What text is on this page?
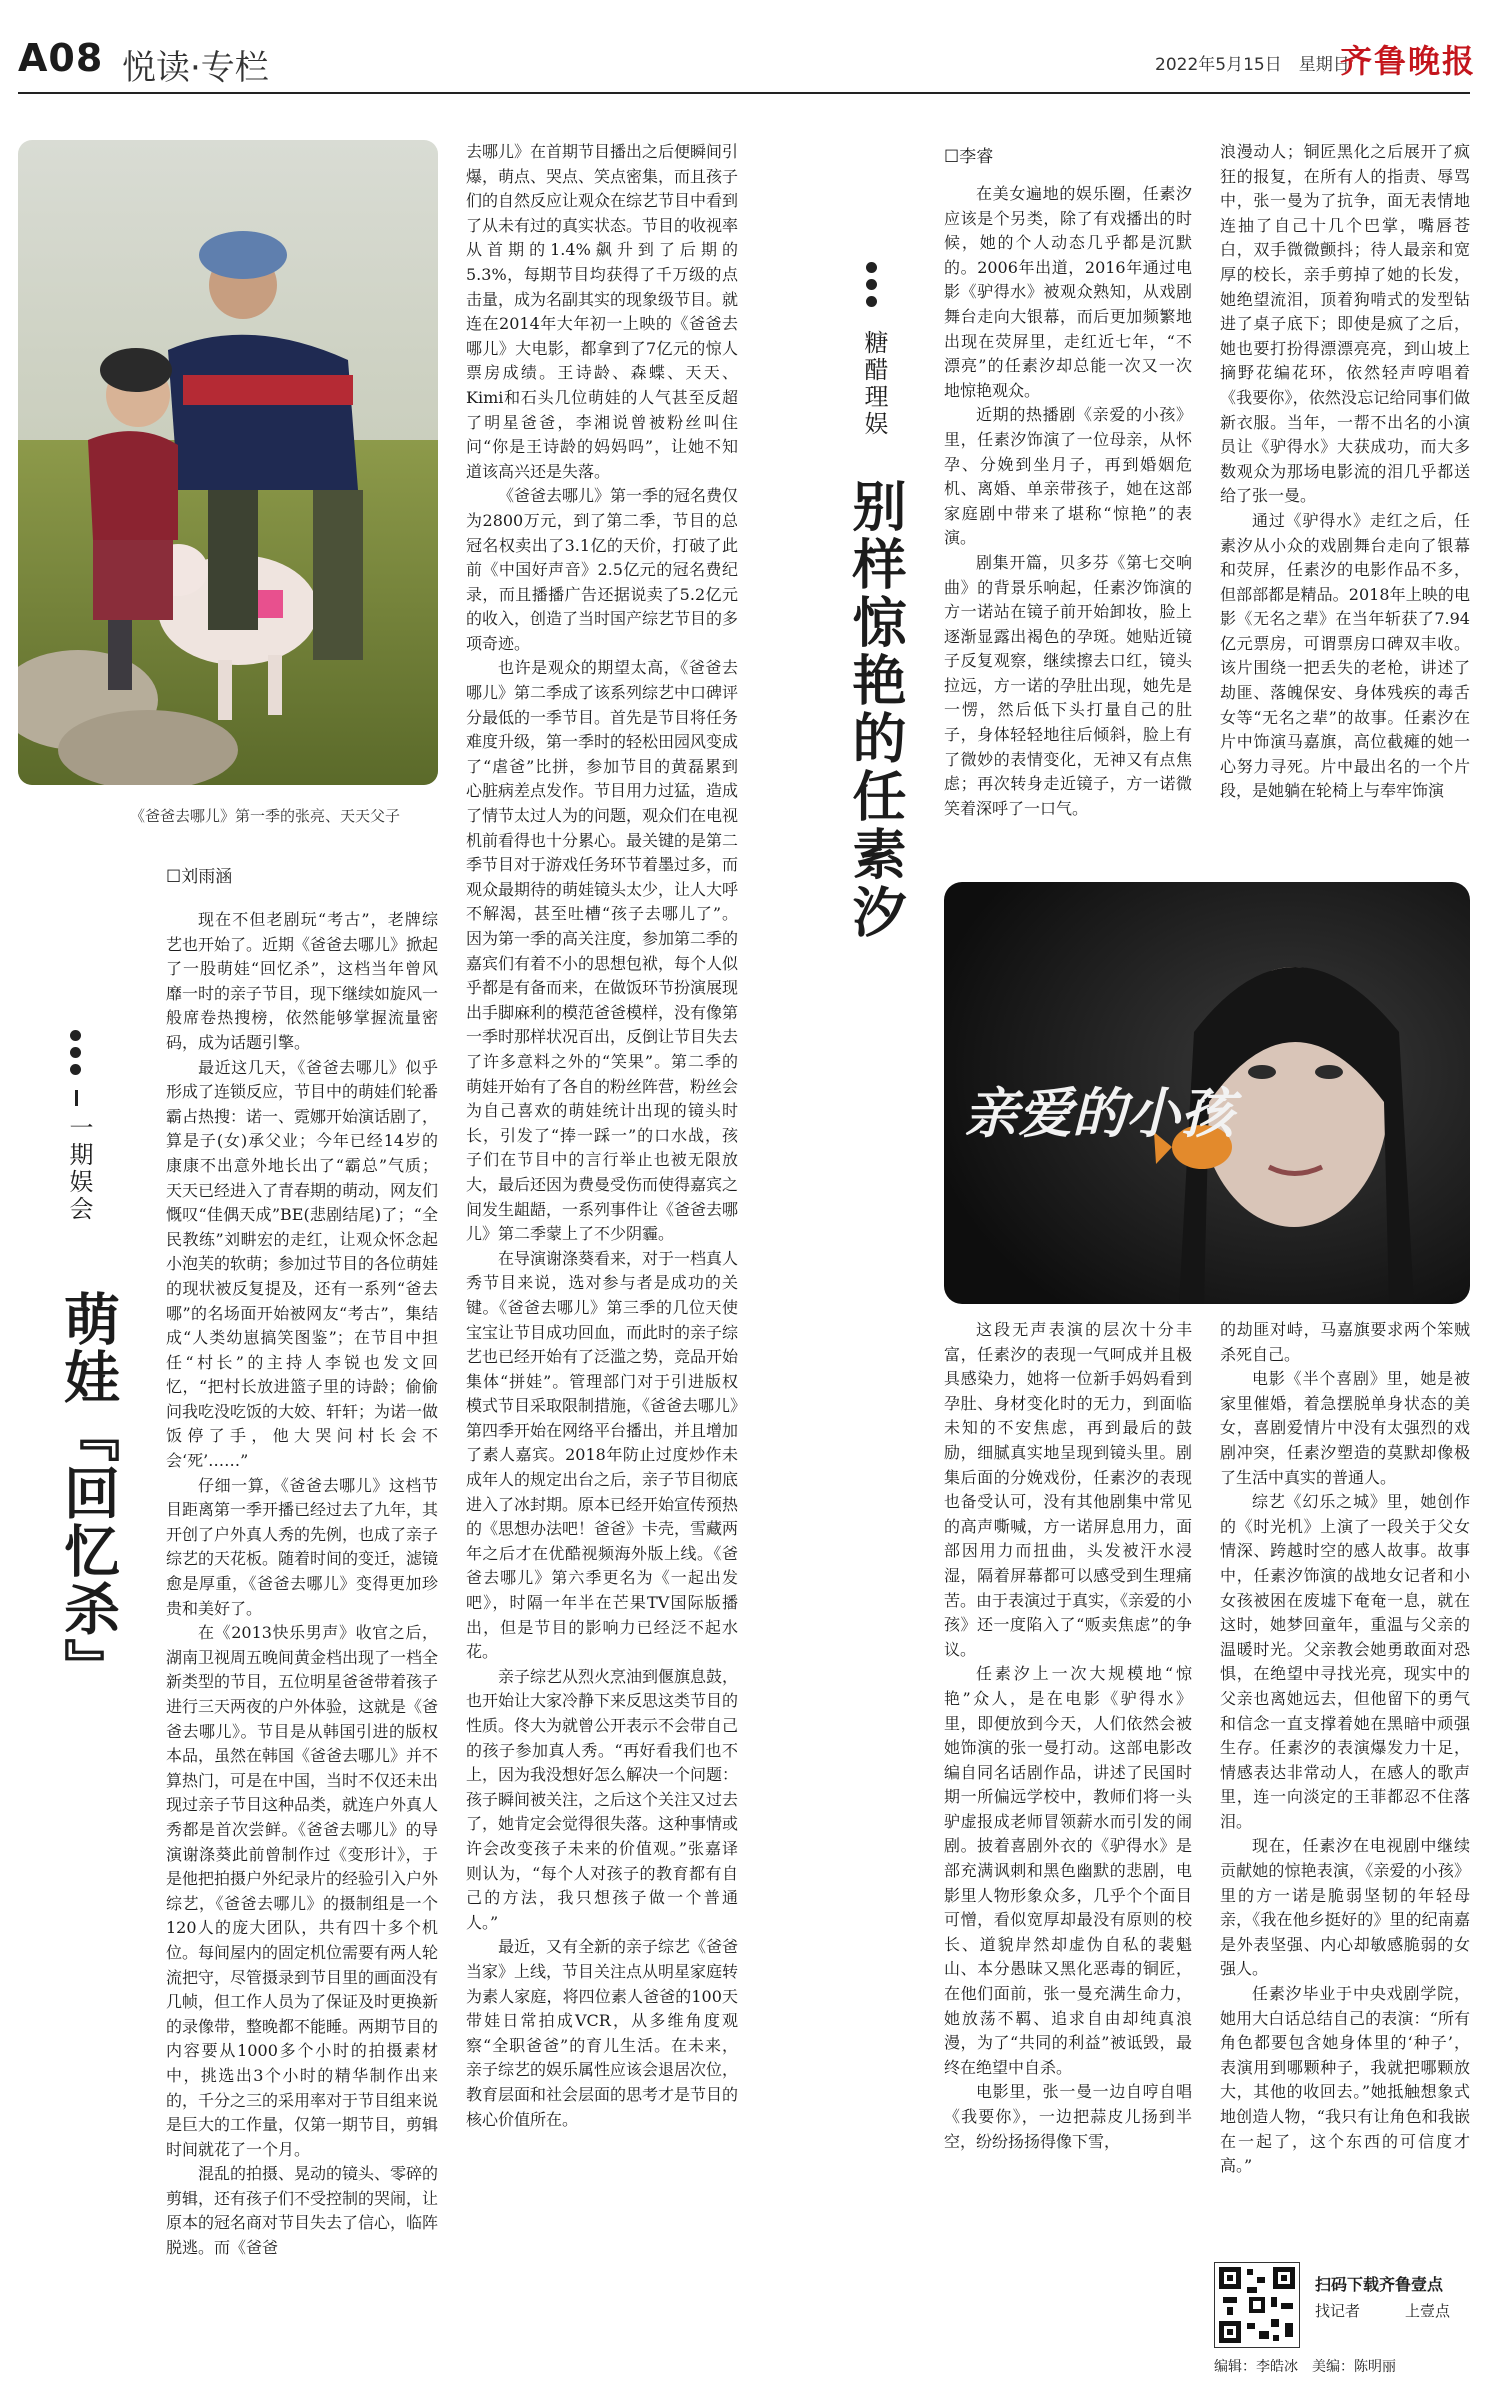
A08 悦读·专栏	2022年5月15日　星期日
齐鲁晚报
《爸爸去哪儿》第一季的张亮、天天父子
一期娱会
萌娃『回忆杀』
☐刘雨涵

现在不但老剧玩“考古”，老牌综艺也开始了。近期《爸爸去哪儿》掀起了一股萌娃“回忆杀”，这档当年曾风靡一时的亲子节目，现下继续如旋风一般席卷热搜榜，依然能够掌握流量密码，成为话题引擎。

最近这几天，《爸爸去哪儿》似乎形成了连锁反应，节目中的萌娃们轮番霸占热搜：诺一、霓娜开始演话剧了，算是子(女)承父业；今年已经14岁的康康不出意外地长出了“霸总”气质；天天已经进入了青春期的萌动，网友们慨叹“佳偶天成”BE(悲剧结尾)了；“全民教练”刘畊宏的走红，让观众怀念起小泡芙的软萌；参加过节目的各位萌娃的现状被反复提及，还有一系列“爸去哪”的名场面开始被网友“考古”，集结成“人类幼崽搞笑图鉴”；在节目中担任“村长”的主持人李锐也发文回忆，“把村长放进篮子里的诗龄；偷偷问我吃没吃饭的大姣、轩轩；为诺一做饭停了手，他大哭问村长会不会‘死’……”

仔细一算，《爸爸去哪儿》这档节目距离第一季开播已经过去了九年，其开创了户外真人秀的先例，也成了亲子综艺的天花板。随着时间的变迁，滤镜愈是厚重，《爸爸去哪儿》变得更加珍贵和美好了。

在《2013快乐男声》收官之后，湖南卫视周五晚间黄金档出现了一档全新类型的节目，五位明星爸爸带着孩子进行三天两夜的户外体验，这就是《爸爸去哪儿》。节目是从韩国引进的版权本品，虽然在韩国《爸爸去哪儿》并不算热门，可是在中国，当时不仅还未出现过亲子节目这种品类，就连户外真人秀都是首次尝鲜。《爸爸去哪儿》的导演谢涤葵此前曾制作过《变形计》，于是他把拍摄户外纪录片的经验引入户外综艺，《爸爸去哪儿》的摄制组是一个120人的庞大团队，共有四十多个机位。每间屋内的固定机位需要有两人轮流把守，尽管摄录到节目里的画面没有几帧，但工作人员为了保证及时更换新的录像带，整晚都不能睡。两期节目的内容要从1000多个小时的拍摄素材中，挑选出3个小时的精华制作出来的，千分之三的采用率对于节目组来说是巨大的工作量，仅第一期节目，剪辑时间就花了一个月。

混乱的拍摄、晃动的镜头、零碎的剪辑，还有孩子们不受控制的哭闹，让原本的冠名商对节目失去了信心，临阵脱逃。而《爸爸

去哪儿》在首期节目播出之后便瞬间引爆，萌点、哭点、笑点密集，而且孩子们的自然反应让观众在综艺节目中看到了从未有过的真实状态。节目的收视率从首期的1.4%飙升到了后期的5.3%，每期节目均获得了千万级的点击量，成为名副其实的现象级节目。就连在2014年大年初一上映的《爸爸去哪儿》大电影，都拿到了7亿元的惊人票房成绩。王诗龄、森蝶、天天、Kimi和石头几位萌娃的人气甚至反超了明星爸爸，李湘说曾被粉丝叫住问“你是王诗龄的妈妈吗”，让她不知道该高兴还是失落。

《爸爸去哪儿》第一季的冠名费仅为2800万元，到了第二季，节目的总冠名权卖出了3.1亿的天价，打破了此前《中国好声音》2.5亿元的冠名费纪录，而且播播广告还据说卖了5.2亿元的收入，创造了当时国产综艺节目的多项奇迹。

也许是观众的期望太高，《爸爸去哪儿》第二季成了该系列综艺中口碑评分最低的一季节目。首先是节目将任务难度升级，第一季时的轻松田园风变成了“虐爸”比拼，参加节目的黄磊累到心脏病差点发作。节目用力过猛，造成了情节太过人为的问题，观众们在电视机前看得也十分累心。最关键的是第二季节目对于游戏任务环节着墨过多，而观众最期待的萌娃镜头太少，让人大呼不解渴，甚至吐槽“孩子去哪儿了”。因为第一季的高关注度，参加第二季的嘉宾们有着不小的思想包袱，每个人似乎都是有备而来，在做饭环节扮演展现出手脚麻利的模范爸爸模样，没有像第一季时那样状况百出，反倒让节目失去了许多意料之外的“笑果”。第二季的萌娃开始有了各自的粉丝阵营，粉丝会为自己喜欢的萌娃统计出现的镜头时长，引发了“捧一踩一”的口水战，孩子们在节目中的言行举止也被无限放大，最后还因为费曼受伤而使得嘉宾之间发生龃龉，一系列事件让《爸爸去哪儿》第二季蒙上了不少阴霾。

在导演谢涤葵看来，对于一档真人秀节目来说，选对参与者是成功的关键。《爸爸去哪儿》第三季的几位天使宝宝让节目成功回血，而此时的亲子综艺也已经开始有了泛滥之势，竞品开始集体“拼娃”。管理部门对于引进版权模式节目采取限制措施，《爸爸去哪儿》第四季开始在网络平台播出，并且增加了素人嘉宾。2018年防止过度炒作未成年人的规定出台之后，亲子节目彻底进入了冰封期。原本已经开始宣传预热的《思想办法吧！爸爸》卡壳，雪藏两年之后才在优酷视频海外版上线。《爸爸去哪儿》第六季更名为《一起出发吧》，时隔一年半在芒果TV国际版播出，但是节目的影响力已经泛不起水花。

亲子综艺从烈火烹油到偃旗息鼓，也开始让大家冷静下来反思这类节目的性质。佟大为就曾公开表示不会带自己的孩子参加真人秀。“再好看我们也不上，因为我没想好怎么解决一个问题：孩子瞬间被关注，之后这个关注又过去了，她肯定会觉得很失落。这种事情或许会改变孩子未来的价值观。”张嘉译则认为，“每个人对孩子的教育都有自己的方法，我只想孩子做一个普通人。”

最近，又有全新的亲子综艺《爸爸当家》上线，节目关注点从明星家庭转为素人家庭，将四位素人爸爸的100天带娃日常拍成VCR，从多维角度观察“全职爸爸”的育儿生活。在未来，亲子综艺的娱乐属性应该会退居次位，教育层面和社会层面的思考才是节目的核心价值所在。

糖醋理娱
别样惊艳的任素汐
☐李睿

在美女遍地的娱乐圈，任素汐应该是个另类，除了有戏播出的时候，她的个人动态几乎都是沉默的。2006年出道，2016年通过电影《驴得水》被观众熟知，从戏剧舞台走向大银幕，而后更加频繁地出现在荧屏里，走红近七年，“不漂亮”的任素汐却总能一次又一次地惊艳观众。

近期的热播剧《亲爱的小孩》里，任素汐饰演了一位母亲，从怀孕、分娩到坐月子，再到婚姻危机、离婚、单亲带孩子，她在这部家庭剧中带来了堪称“惊艳”的表演。

剧集开篇，贝多芬《第七交响曲》的背景乐响起，任素汐饰演的方一诺站在镜子前开始卸妆，脸上逐渐显露出褐色的孕斑。她贴近镜子反复观察，继续擦去口红，镜头拉远，方一诺的孕肚出现，她先是一愣，然后低下头打量自己的肚子，身体轻轻地往后倾斜，脸上有了微妙的表情变化，无神又有点焦虑；再次转身走近镜子，方一诺微笑着深呼了一口气。

浪漫动人；铜匠黑化之后展开了疯狂的报复，在所有人的指责、辱骂中，张一曼为了抗争，面无表情地连抽了自己十几个巴掌，嘴唇苍白，双手微微颤抖；待人最亲和宽厚的校长，亲手剪掉了她的长发，她绝望流泪，顶着狗啃式的发型钻进了桌子底下；即使是疯了之后，她也要打扮得漂漂亮亮，到山坡上摘野花编花环，依然轻声哼唱着《我要你》，依然没忘记给同事们做新衣服。当年，一帮不出名的小演员让《驴得水》大获成功，而大多数观众为那场电影流的泪几乎都送给了张一曼。

通过《驴得水》走红之后，任素汐从小众的戏剧舞台走向了银幕和荧屏，任素汐的电影作品不多，但部部都是精品。2018年上映的电影《无名之辈》在当年斩获了7.94亿元票房，可谓票房口碑双丰收。该片围绕一把丢失的老枪，讲述了劫匪、落魄保安、身体残疾的毒舌女等“无名之辈”的故事。任素汐在片中饰演马嘉旗，高位截瘫的她一心努力寻死。片中最出名的一个片段，是她躺在轮椅上与奉牢饰演

亲爱的小孩

这段无声表演的层次十分丰富，任素汐的表现一气呵成并且极具感染力，她将一位新手妈妈看到孕肚、身材变化时的无力，到面临未知的不安焦虑，再到最后的鼓励，细腻真实地呈现到镜头里。剧集后面的分娩戏份，任素汐的表现也备受认可，没有其他剧集中常见的高声嘶喊，方一诺屏息用力，面部因用力而扭曲，头发被汗水浸湿，隔着屏幕都可以感受到生理痛苦。由于表演过于真实，《亲爱的小孩》还一度陷入了“贩卖焦虑”的争议。

任素汐上一次大规模地“惊艳”众人，是在电影《驴得水》里，即便放到今天，人们依然会被她饰演的张一曼打动。这部电影改编自同名话剧作品，讲述了民国时期一所偏远学校中，教师们将一头驴虚报成老师冒领薪水而引发的闹剧。披着喜剧外衣的《驴得水》是部充满讽刺和黑色幽默的悲剧，电影里人物形象众多，几乎个个面目可憎，看似宽厚却最没有原则的校长、道貌岸然却虚伪自私的裴魁山、本分愚昧又黑化恶毒的铜匠，在他们面前，张一曼充满生命力，她放荡不羁、追求自由却纯真浪漫，为了“共同的利益”被诋毁，最终在绝望中自杀。

电影里，张一曼一边自哼自唱《我要你》，一边把蒜皮儿扬到半空，纷纷扬扬得像下雪，

的劫匪对峙，马嘉旗要求两个笨贼杀死自己。

电影《半个喜剧》里，她是被家里催婚，着急摆脱单身状态的美女，喜剧爱情片中没有太强烈的戏剧冲突，任素汐塑造的莫默却像极了生活中真实的普通人。

综艺《幻乐之城》里，她创作的《时光机》上演了一段关于父女情深、跨越时空的感人故事。故事中，任素汐饰演的战地女记者和小女孩被困在废墟下奄奄一息，就在这时，她梦回童年，重温与父亲的温暖时光。父亲教会她勇敢面对恐惧，在绝望中寻找光亮，现实中的父亲也离她远去，但他留下的勇气和信念一直支撑着她在黑暗中顽强生存。任素汐的表演爆发力十足，情感表达非常动人，在感人的歌声里，连一向淡定的王菲都忍不住落泪。

现在，任素汐在电视剧中继续贡献她的惊艳表演，《亲爱的小孩》里的方一诺是脆弱坚韧的年轻母亲，《我在他乡挺好的》里的纪南嘉是外表坚强、内心却敏感脆弱的女强人。

任素汐毕业于中央戏剧学院，她用大白话总结自己的表演：“所有角色都要包含她身体里的‘种子’，表演用到哪颗种子，我就把哪颗放大，其他的收回去。”她抵触想象式地创造人物，“我只有让角色和我嵌在一起了，这个东西的可信度才高。”

扫码下载齐鲁壹点
找记者	上壹点
编辑：李皓冰　美编：陈明丽
